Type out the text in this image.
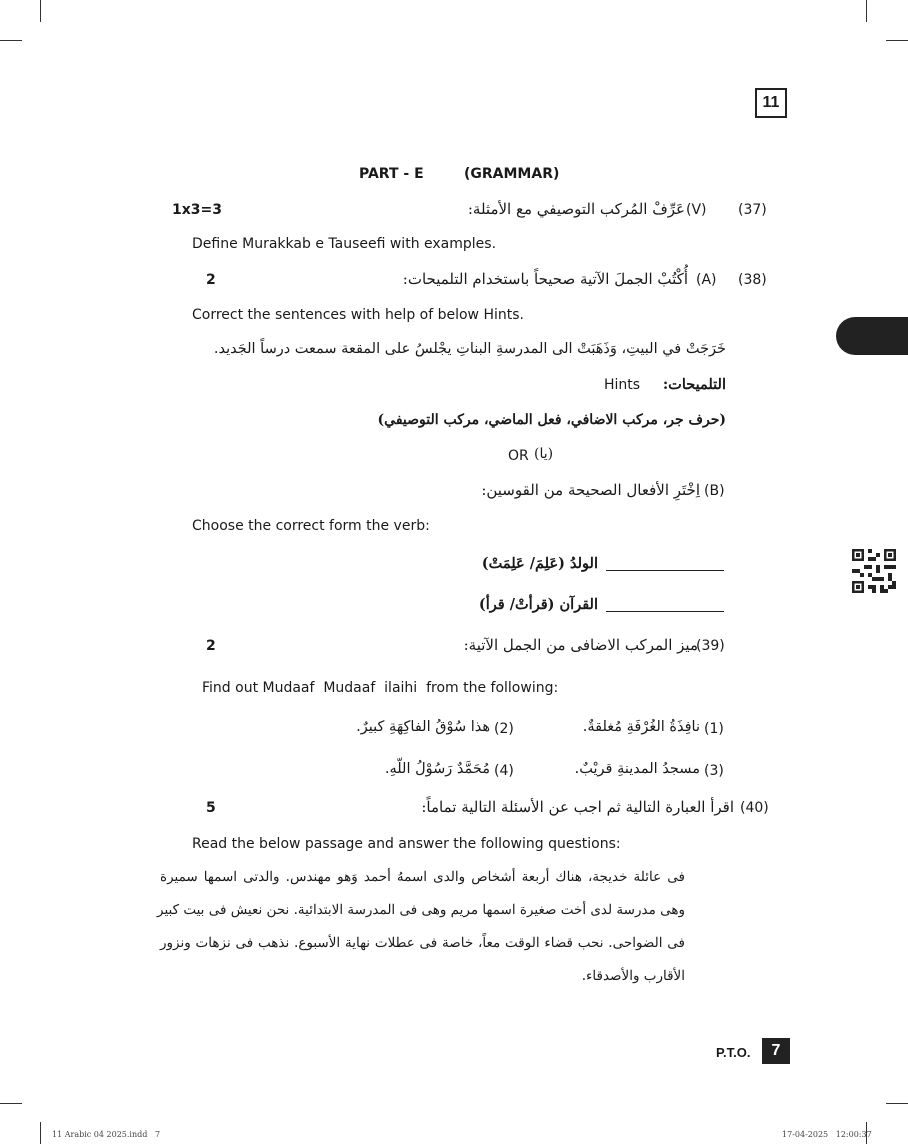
11
PART - E	(GRAMMAR)
1x3=3	عَرِّفْ المُركب التوصيفي مع الأمثلة: (V) (37)
Define Murakkab e Tauseefi with examples.
2	أُكْتُبْ الجملَ الآتية صحيحاً باستخدام التلميحات: (A) (38)
Correct the sentences with help of below Hints.
خَرَجَتْ في البيتِ، وَذَهَبَتْ الى المدرسةِ البناتِ يجْلسُ على المقعة سمعت درساً الجَديد.
التلميحات:
Hints
(حرف جر، مركب الاضافي، فعل الماضي، مركب التوصيفي)
OR (یا)
اِخْتَرِ الأفعال الصحيحة من القوسين: (B)
Choose the correct form the verb:
الولدُ (عَلِمَ/ عَلِمَتْ)
القرآن (قرأتْ/ قرأ)
2	ميز المركب الاضافى من الجمل الآتية:
(39)
Find out Mudaaf  Mudaaf  ilaihi  from the following:
(1)
نافِذَةُ الغُرْفَةِ مُغلقةٌ.
(2)
هذا سُوْقُ الفاكِهَةِ كبيرٌ.
(3)
مسجدُ المدينةِ قريْبٌ.
(4)
مُحَمَّدٌ رَسُوْلُ اللّهِ.
5	اقرأ العبارة التالية ثم اجب عن الأسئلة التالية تماماً: (40)
Read the below passage and answer the following questions:
فى عائلة خديجة، هناك أربعة أشخاص والدى اسمهُ أحمد وَهو مهندس. والدتى اسمها سميرة
وهى مدرسة لدى أخت صغيرة اسمها مريم وهى فى المدرسة الابتدائية. نحن نعيش فى بيت كبير
فى الضواحى. نحب قضاء الوقت معاً، خاصة فى عطلات نهاية الأسبوع. نذهب فى نزهات ونزور
الأقارب والأصدقاء.
P.T.O.	7
11 Arabic 04 2025.indd   7	17-04-2025   12:00:37
